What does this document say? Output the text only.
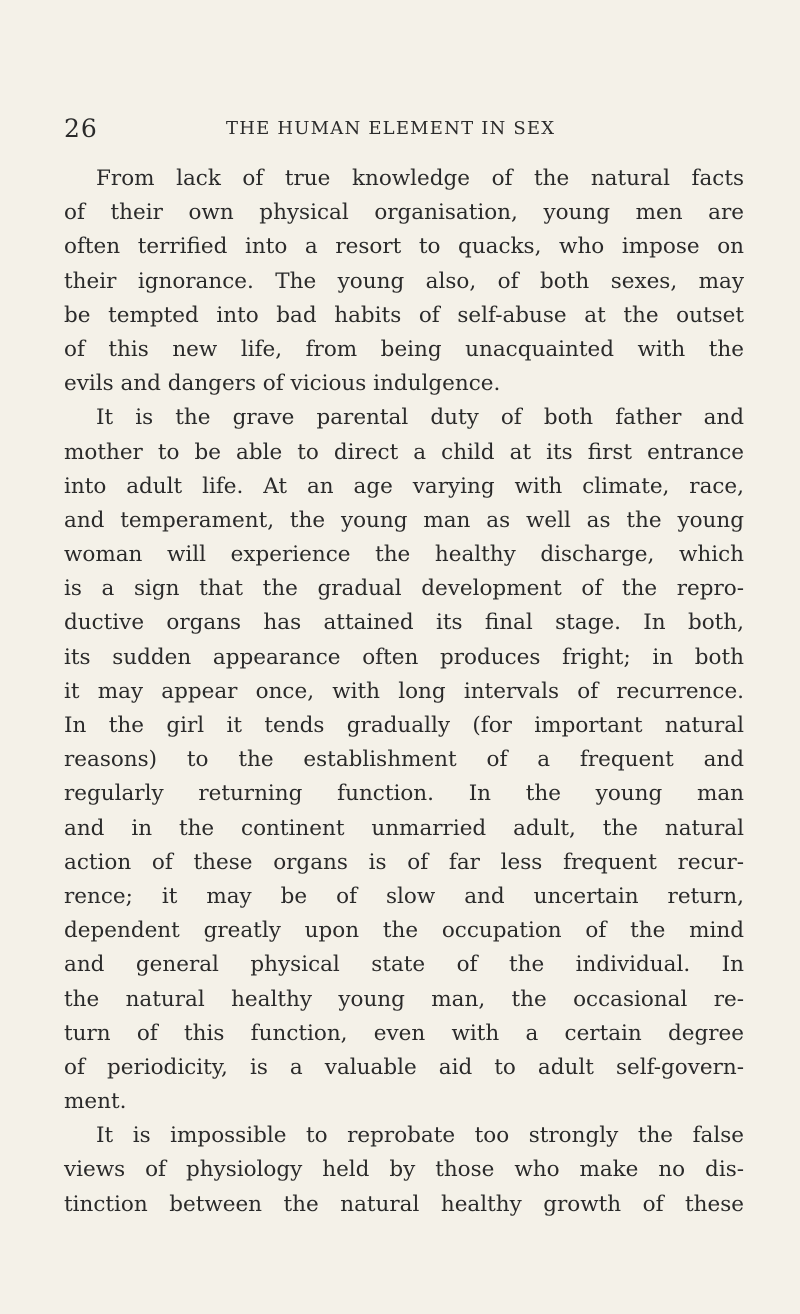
26	THE HUMAN ELEMENT IN SEX
From lack of true knowledge of the natural facts
of their own physical organisation, young men are
often terrified into a resort to quacks, who impose on
their ignorance. The young also, of both sexes, may
be tempted into bad habits of self-abuse at the outset
of this new life, from being unacquainted with the
evils and dangers of vicious indulgence.
It is the grave parental duty of both father and
mother to be able to direct a child at its first entrance
into adult life. At an age varying with climate, race,
and temperament, the young man as well as the young
woman will experience the healthy discharge, which
is a sign that the gradual development of the repro-
ductive organs has attained its final stage. In both,
its sudden appearance often produces fright; in both
it may appear once, with long intervals of recurrence.
In the girl it tends gradually (for important natural
reasons) to the establishment of a frequent and
regularly returning function. In the young man
and in the continent unmarried adult, the natural
action of these organs is of far less frequent recur-
rence; it may be of slow and uncertain return,
dependent greatly upon the occupation of the mind
and general physical state of the individual. In
the natural healthy young man, the occasional re-
turn of this function, even with a certain degree
of periodicity, is a valuable aid to adult self-govern-
ment.
It is impossible to reprobate too strongly the false
views of physiology held by those who make no dis-
tinction between the natural healthy growth of these
